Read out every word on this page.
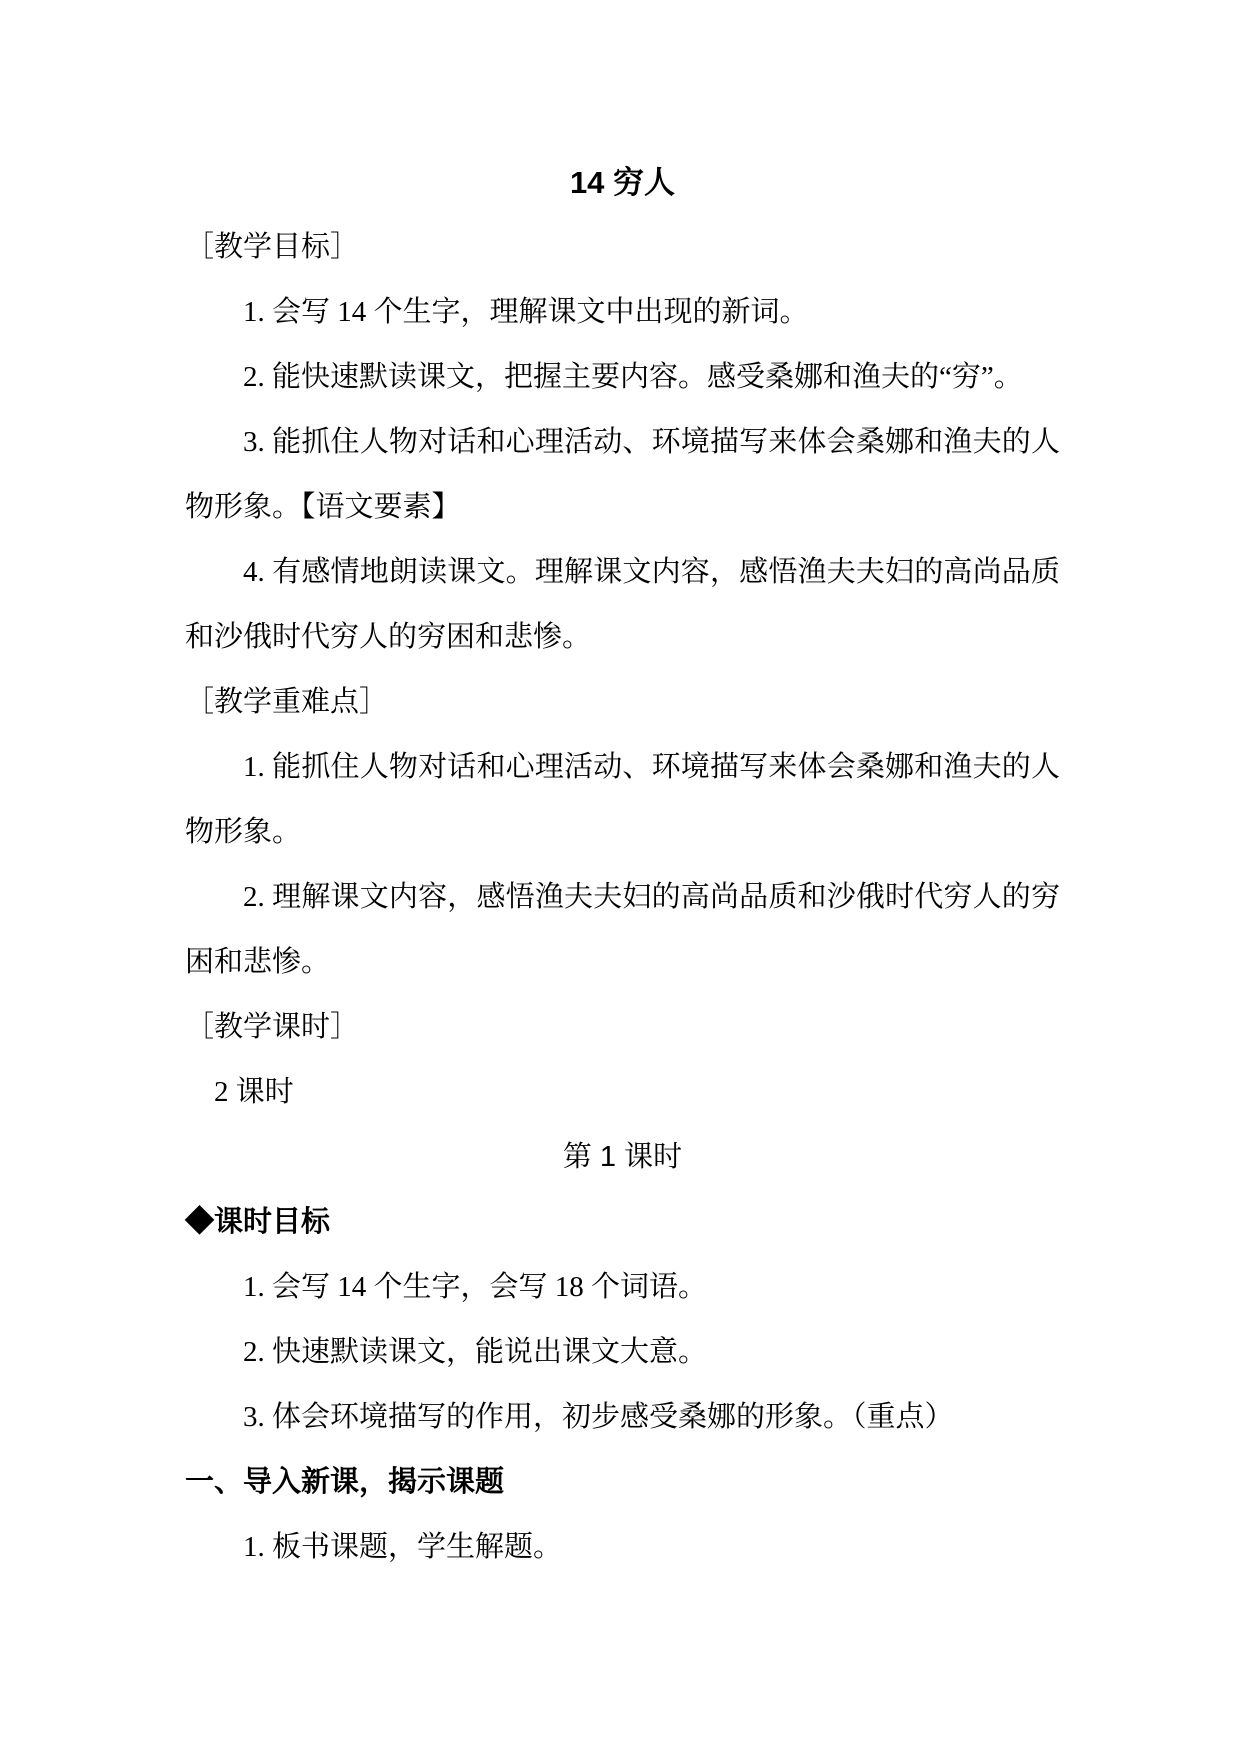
14 穷人
［教学目标］

1. 会写 14 个生字，理解课文中出现的新词。

2. 能快速默读课文，把握主要内容。感受桑娜和渔夫的“穷”。

3. 能抓住人物对话和心理活动、环境描写来体会桑娜和渔夫的人物形象。【语文要素】

4. 有感情地朗读课文。理解课文内容，感悟渔夫夫妇的高尚品质和沙俄时代穷人的穷困和悲惨。

［教学重难点］

1. 能抓住人物对话和心理活动、环境描写来体会桑娜和渔夫的人物形象。

2. 理解课文内容，感悟渔夫夫妇的高尚品质和沙俄时代穷人的穷困和悲惨。

［教学课时］

2 课时

第 1 课时
◆课时目标

1. 会写 14 个生字，会写 18 个词语。

2. 快速默读课文，能说出课文大意。

3. 体会环境描写的作用，初步感受桑娜的形象。（重点）

一、导入新课，揭示课题

1. 板书课题，学生解题。
